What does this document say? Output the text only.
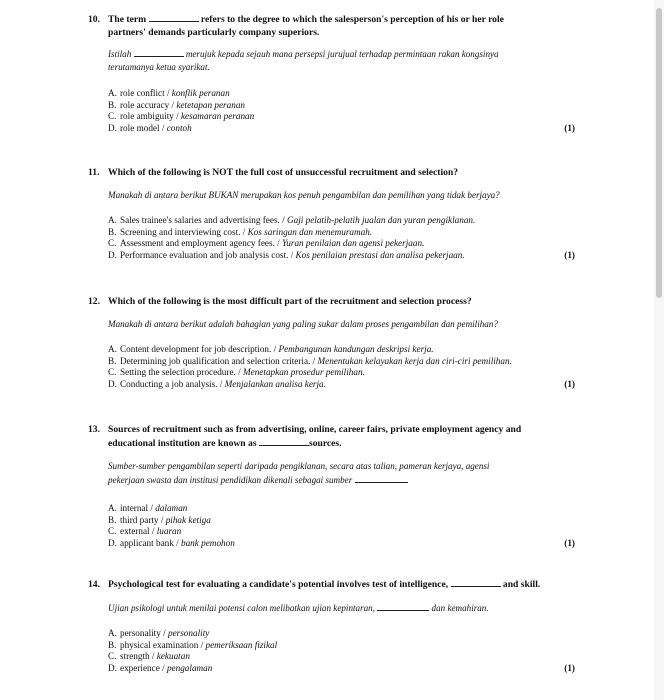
10. The term	refers to the degree to which the salesperson's perception of his or her role
partners' demands particularly company superiors.
Istilah	merujuk kepada sejauh mana persepsi jurujual terhadap permintaan rakan kongsinya
terutamanya ketua syarikat.
A. role conflict / konflik peranan
B. role accuracy / ketetapan peranan
C. role ambiguity / kesamaran peranan
D. role model / contoh	(1)
11. Which of the following is NOT the full cost of unsuccessful recruitment and selection?
Manakah di antara berikut BUKAN merupakan kos penuh pengambilan dan pemilihan yang tidak berjaya?
A. Sales trainee's salaries and advertising fees. / Gaji pelatih-pelatih jualan dan yuran pengiklanan.
B. Screening and interviewing cost. / Kos saringan dan menemuramah.
C. Assessment and employment agency fees. / Yuran penilaian dan agensi pekerjaan.
D. Performance evaluation and job analysis cost. / Kos penilaian prestasi dan analisa pekerjaan.	(1)
12. Which of the following is the most difficult part of the recruitment and selection process?
Manakah di antara berikut adalah bahagian yang paling sukar dalam proses pengambilan dan pemilihan?
A. Content development for job description. / Pembangunan kandungan deskripsi kerja.
B. Determining job qualification and selection criteria. / Menentukan kelayakan kerja dan ciri-ciri pemilihan.
C. Setting the selection procedure. / Menetapkan prosedur pemilihan.
D. Conducting a job analysis. / Menjalankan analisa kerja.	(1)
13. Sources of recruitment such as from advertising, online, career fairs, private employment agency and
educational institution are known as	sources.
Sumber-sumber pengambilan seperti daripada pengiklanan, secara atas talian, pameran kerjaya, agensi
pekerjaan swasta dan institusi pendidikan dikenali sebagai sumber	.
A. internal / dalaman
B. third party / pihak ketiga
C. external / luaran
D. applicant bank / bank pemohon	(1)
14. Psychological test for evaluating a candidate's potential involves test of intelligence,	and skill.
Ujian psikologi untuk menilai potensi calon melibatkan ujian kepintaran,	dan kemahiran.
A. personality / personality
B. physical examination / pemeriksaan fizikal
C. strength / kekuatan
D. experience / pengalaman	(1)
